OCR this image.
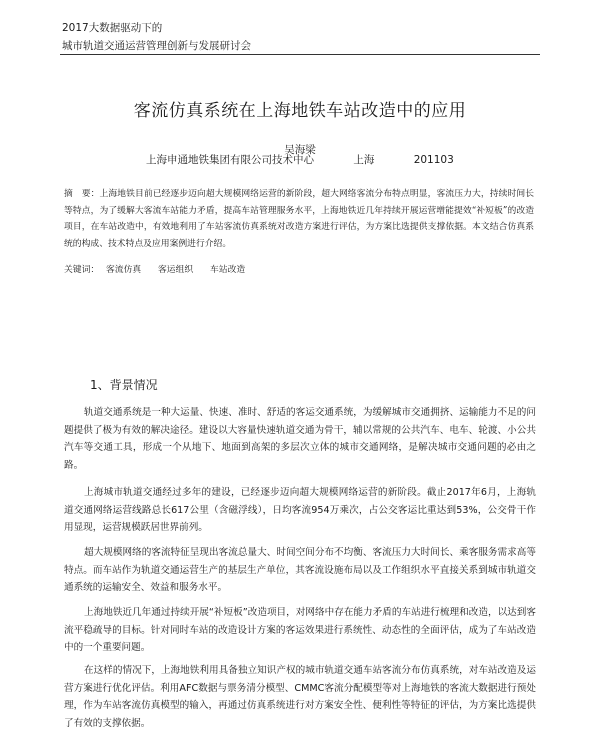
2017大数据驱动下的
城市轨道交通运营管理创新与发展研讨会
客流仿真系统在上海地铁车站改造中的应用
吴海梁
上海申通地铁集团有限公司技术中心	上海	201103
摘　要：上海地铁目前已经逐步迈向超大规模网络运营的新阶段，超大网络客流分布特点明显，客流压力大，持续时间长等特点，为了缓解大客流车站能力矛盾，提高车站管理服务水平，上海地铁近几年持续开展运营增能提效“补短板”的改造项目，在车站改造中，有效地利用了车站客流仿真系统对改造方案进行评估，为方案比选提供支撑依据。本文结合仿真系统的构成、技术特点及应用案例进行介绍。
关键词： 客流仿真 客运组织 车站改造
1、背景情况
轨道交通系统是一种大运量、快速、准时、舒适的客运交通系统，为缓解城市交通拥挤、运输能力不足的问题提供了极为有效的解决途径。建设以大容量快速轨道交通为骨干，辅以常规的公共汽车、电车、轮渡、小公共汽车等交通工具，形成一个从地下、地面到高架的多层次立体的城市交通网络，是解决城市交通问题的必由之路。
上海城市轨道交通经过多年的建设，已经逐步迈向超大规模网络运营的新阶段。截止2017年6月，上海轨道交通网络运营线路总长617公里（含磁浮线），日均客流954万乘次，占公交客运比重达到53%，公交骨干作用显现，运营规模跃居世界前列。
超大规模网络的客流特征呈现出客流总量大、时间空间分布不均衡、客流压力大时间长、乘客服务需求高等特点。而车站作为轨道交通运营生产的基层生产单位，其客流设施布局以及工作组织水平直接关系到城市轨道交通系统的运输安全、效益和服务水平。
上海地铁近几年通过持续开展“补短板”改造项目，对网络中存在能力矛盾的车站进行梳理和改造，以达到客流平稳疏导的目标。针对同时车站的改造设计方案的客运效果进行系统性、动态性的全面评估，成为了车站改造中的一个重要问题。
在这样的情况下，上海地铁利用具备独立知识产权的城市轨道交通车站客流分布仿真系统，对车站改造及运营方案进行优化评估。利用AFC数据与票务清分模型、CMMC客流分配模型等对上海地铁的客流大数据进行预处理，作为车站客流仿真模型的输入，再通过仿真系统进行对方案安全性、便利性等特征的评估，为方案比选提供了有效的支撑依据。
